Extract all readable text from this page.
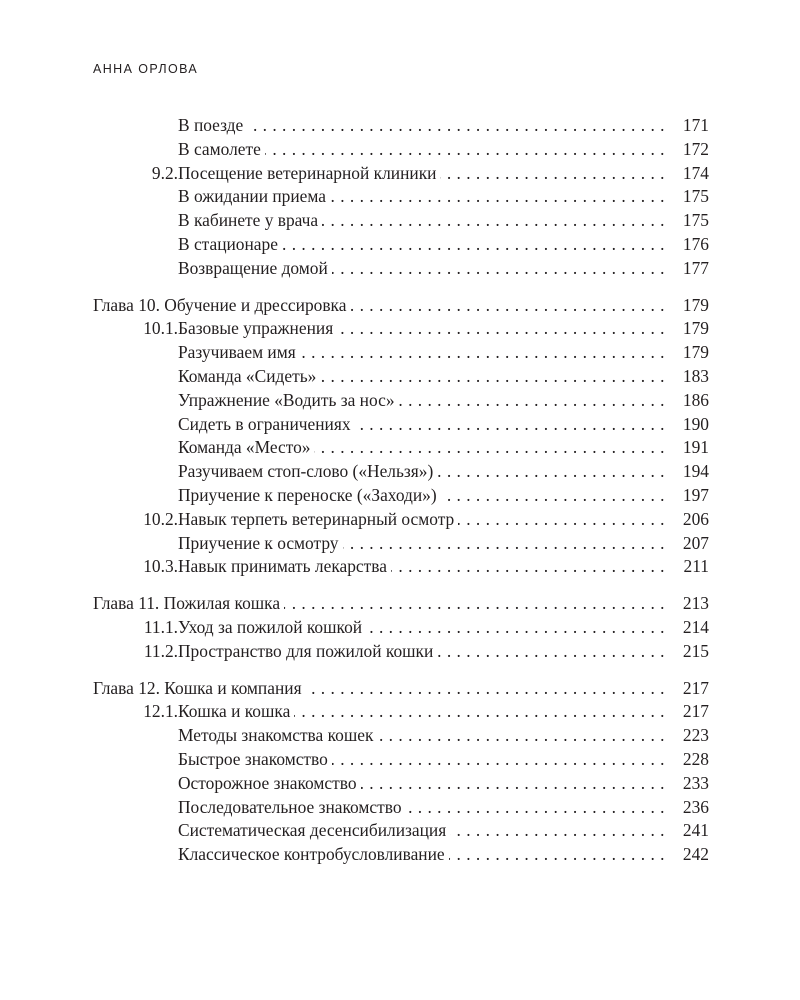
АННА ОРЛОВА
. . .
В поезде	171
. . .
В самолете	172
9.2. . . . Посещение ветеринарной клиники	174
. . .
В ожидании приема	175
. . .
В кабинете у врача	175
. . .
В стационаре	176
. . .
Возвращение домой	177
. . .
Глава 10. Обучение и дрессировка	179
10.1. . . . Базовые упражнения	179
. . .
Разучиваем имя	179
. . .
Команда «Сидеть»	183
. . .
Упражнение «Водить за нос»	186
. . .
Сидеть в ограничениях	190
. . .
Команда «Место»	191
. . .
Разучиваем стоп-слово («Нельзя»)	194
. . .
Приучение к переноске («Заходи»)	197
10.2. . . . Навык терпеть ветеринарный осмотр	206
. . .
Приучение к осмотру	207
10.3. . . . Навык принимать лекарства	211
. . .
Глава 11. Пожилая кошка	213
11.1. . . . Уход за пожилой кошкой	214
11.2. . . . Пространство для пожилой кошки	215
. . .
Глава 12. Кошка и компания	217
12.1. . . . Кошка и кошка	217
. . .
Методы знакомства кошек	223
. . .
Быстрое знакомство	228
. . .
Осторожное знакомство	233
. . .
Последовательное знакомство	236
. . .
Систематическая десенсибилизация	241
. . .
Классическое контробусловливание	242
